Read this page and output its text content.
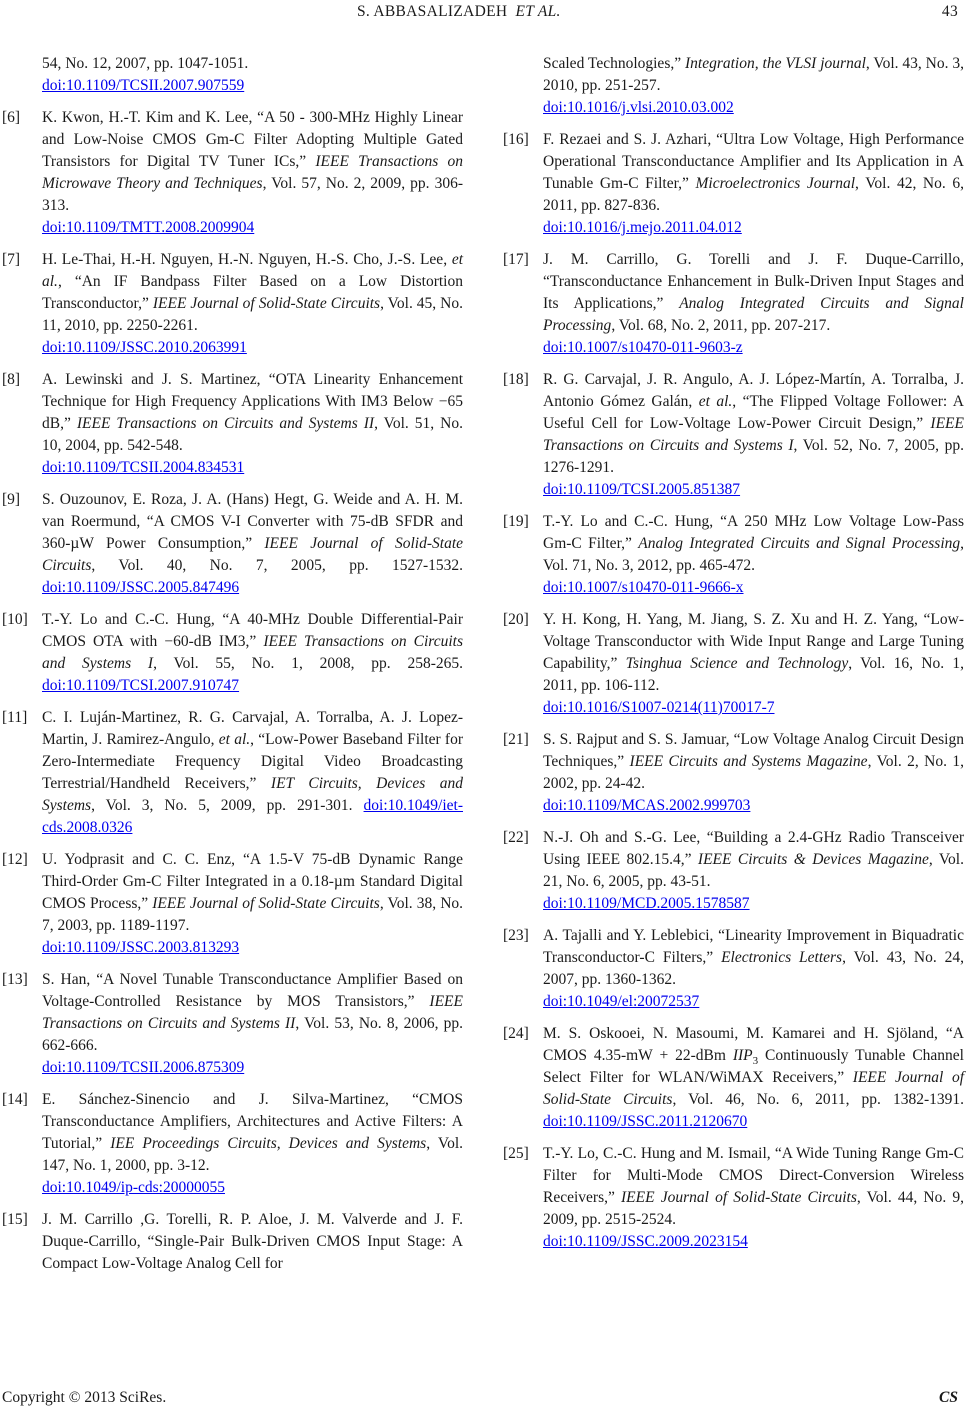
S. ABBASALIZADEH ET AL.	43
54, No. 12, 2007, pp. 1047-1051.
doi:10.1109/TCSII.2007.907559
[6] K. Kwon, H.-T. Kim and K. Lee, “A 50 - 300-MHz Highly Linear and Low-Noise CMOS Gm-C Filter Adopting Multiple Gated Transistors for Digital TV Tuner ICs,” IEEE Transactions on Microwave Theory and Techniques, Vol. 57, No. 2, 2009, pp. 306-313.
doi:10.1109/TMTT.2008.2009904
[7] H. Le-Thai, H.-H. Nguyen, H.-N. Nguyen, H.-S. Cho, J.-S. Lee, et al., “An IF Bandpass Filter Based on a Low Distortion Transconductor,” IEEE Journal of Solid-State Circuits, Vol. 45, No. 11, 2010, pp. 2250-2261.
doi:10.1109/JSSC.2010.2063991
[8] A. Lewinski and J. S. Martinez, “OTA Linearity Enhancement Technique for High Frequency Applications With IM3 Below −65 dB,” IEEE Transactions on Circuits and Systems II, Vol. 51, No. 10, 2004, pp. 542-548.
doi:10.1109/TCSII.2004.834531
[9] S. Ouzounov, E. Roza, J. A. (Hans) Hegt, G. Weide and A. H. M. van Roermund, “A CMOS V-I Converter with 75-dB SFDR and 360-µW Power Consumption,” IEEE Journal of Solid-State Circuits, Vol. 40, No. 7, 2005, pp. 1527-1532. doi:10.1109/JSSC.2005.847496
[10] T.-Y. Lo and C.-C. Hung, “A 40-MHz Double Differential-Pair CMOS OTA with −60-dB IM3,” IEEE Transactions on Circuits and Systems I, Vol. 55, No. 1, 2008, pp. 258-265. doi:10.1109/TCSI.2007.910747
[11] C. I. Luján-Martinez, R. G. Carvajal, A. Torralba, A. J. Lopez-Martin, J. Ramirez-Angulo, et al., “Low-Power Baseband Filter for Zero-Intermediate Frequency Digital Video Broadcasting Terrestrial/Handheld Receivers,” IET Circuits, Devices and Systems, Vol. 3, No. 5, 2009, pp. 291-301. doi:10.1049/iet-cds.2008.0326
[12] U. Yodprasit and C. C. Enz, “A 1.5-V 75-dB Dynamic Range Third-Order Gm-C Filter Integrated in a 0.18-µm Standard Digital CMOS Process,” IEEE Journal of Solid-State Circuits, Vol. 38, No. 7, 2003, pp. 1189-1197.
doi:10.1109/JSSC.2003.813293
[13] S. Han, “A Novel Tunable Transconductance Amplifier Based on Voltage-Controlled Resistance by MOS Transistors,” IEEE Transactions on Circuits and Systems II, Vol. 53, No. 8, 2006, pp. 662-666.
doi:10.1109/TCSII.2006.875309
[14] E. Sánchez-Sinencio and J. Silva-Martinez, “CMOS Transconductance Amplifiers, Architectures and Active Filters: A Tutorial,” IEE Proceedings Circuits, Devices and Systems, Vol. 147, No. 1, 2000, pp. 3-12.
doi:10.1049/ip-cds:20000055
[15] J. M. Carrillo ,G. Torelli, R. P. Aloe, J. M. Valverde and J. F. Duque-Carrillo, “Single-Pair Bulk-Driven CMOS Input Stage: A Compact Low-Voltage Analog Cell for
Scaled Technologies,” Integration, the VLSI journal, Vol. 43, No. 3, 2010, pp. 251-257.
doi:10.1016/j.vlsi.2010.03.002
[16] F. Rezaei and S. J. Azhari, “Ultra Low Voltage, High Performance Operational Transconductance Amplifier and Its Application in A Tunable Gm-C Filter,” Microelectronics Journal, Vol. 42, No. 6, 2011, pp. 827-836.
doi:10.1016/j.mejo.2011.04.012
[17] J. M. Carrillo, G. Torelli and J. F. Duque-Carrillo, “Transconductance Enhancement in Bulk-Driven Input Stages and Its Applications,” Analog Integrated Circuits and Signal Processing, Vol. 68, No. 2, 2011, pp. 207-217.
doi:10.1007/s10470-011-9603-z
[18] R. G. Carvajal, J. R. Angulo, A. J. López-Martín, A. Torralba, J. Antonio Gómez Galán, et al., “The Flipped Voltage Follower: A Useful Cell for Low-Voltage Low-Power Circuit Design,” IEEE Transactions on Circuits and Systems I, Vol. 52, No. 7, 2005, pp. 1276-1291.
doi:10.1109/TCSI.2005.851387
[19] T.-Y. Lo and C.-C. Hung, “A 250 MHz Low Voltage Low-Pass Gm-C Filter,” Analog Integrated Circuits and Signal Processing, Vol. 71, No. 3, 2012, pp. 465-472.
doi:10.1007/s10470-011-9666-x
[20] Y. H. Kong, H. Yang, M. Jiang, S. Z. Xu and H. Z. Yang, “Low-Voltage Transconductor with Wide Input Range and Large Tuning Capability,” Tsinghua Science and Technology, Vol. 16, No. 1, 2011, pp. 106-112.
doi:10.1016/S1007-0214(11)70017-7
[21] S. S. Rajput and S. S. Jamuar, “Low Voltage Analog Circuit Design Techniques,” IEEE Circuits and Systems Magazine, Vol. 2, No. 1, 2002, pp. 24-42.
doi:10.1109/MCAS.2002.999703
[22] N.-J. Oh and S.-G. Lee, “Building a 2.4-GHz Radio Transceiver Using IEEE 802.15.4,” IEEE Circuits & Devices Magazine, Vol. 21, No. 6, 2005, pp. 43-51.
doi:10.1109/MCD.2005.1578587
[23] A. Tajalli and Y. Leblebici, “Linearity Improvement in Biquadratic Transconductor-C Filters,” Electronics Letters, Vol. 43, No. 24, 2007, pp. 1360-1362.
doi:10.1049/el:20072537
[24] M. S. Oskooei, N. Masoumi, M. Kamarei and H. Sjöland, “A CMOS 4.35-mW + 22-dBm $IIP_3$ Continuously Tunable Channel Select Filter for WLAN/WiMAX Receivers,” IEEE Journal of Solid-State Circuits, Vol. 46, No. 6, 2011, pp. 1382-1391. doi:10.1109/JSSC.2011.2120670
[25] T.-Y. Lo, C.-C. Hung and M. Ismail, “A Wide Tuning Range Gm-C Filter for Multi-Mode CMOS Direct-Conversion Wireless Receivers,” IEEE Journal of Solid-State Circuits, Vol. 44, No. 9, 2009, pp. 2515-2524.
doi:10.1109/JSSC.2009.2023154
Copyright © 2013 SciRes.	CS
